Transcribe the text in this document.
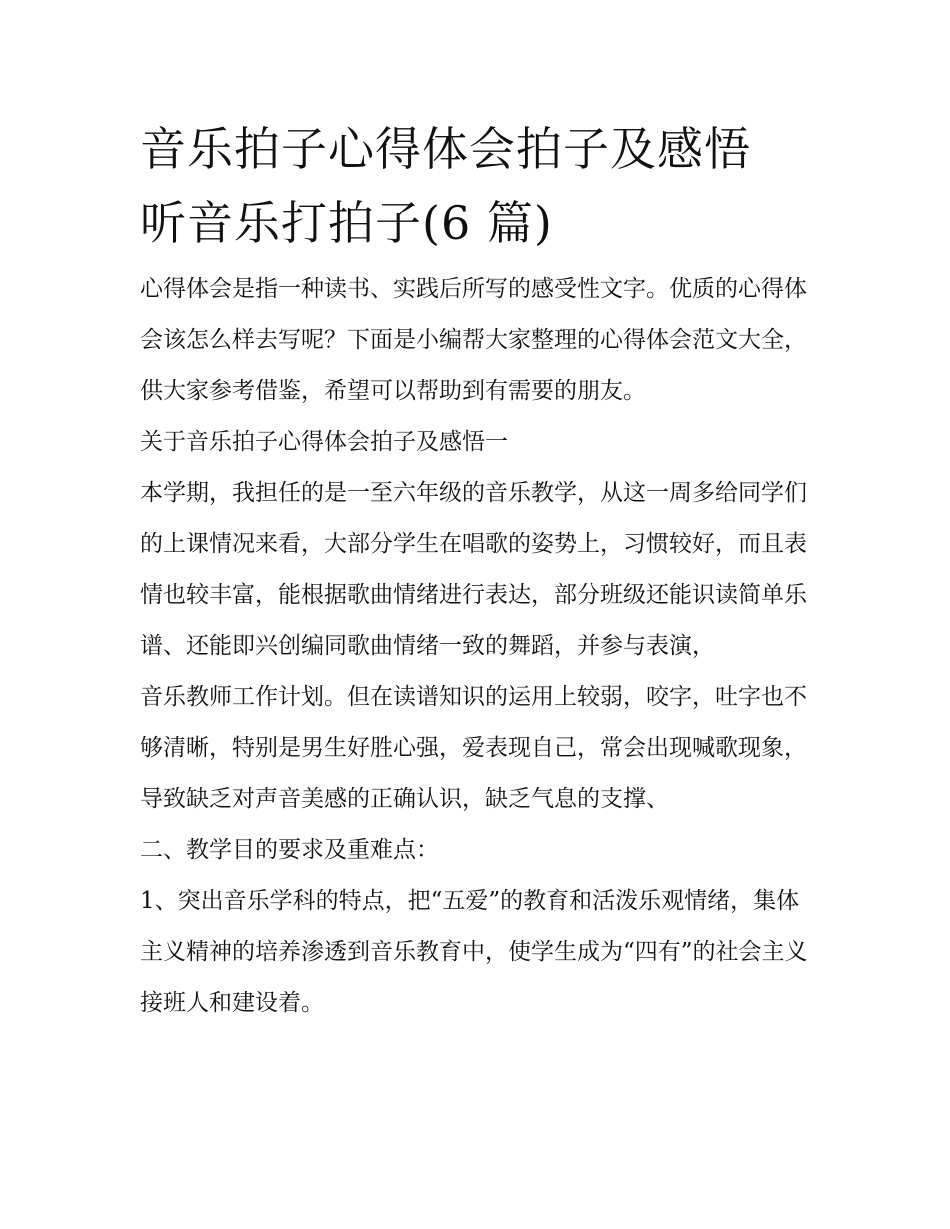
音乐拍子心得体会拍子及感悟
听音乐打拍子(6 篇)

心得体会是指一种读书、实践后所写的感受性文字。优质的心得体会该怎么样去写呢？下面是小编帮大家整理的心得体会范文大全，供大家参考借鉴，希望可以帮助到有需要的朋友。

关于音乐拍子心得体会拍子及感悟一

本学期，我担任的是一至六年级的音乐教学，从这一周多给同学们的上课情况来看，大部分学生在唱歌的姿势上，习惯较好，而且表情也较丰富，能根据歌曲情绪进行表达，部分班级还能识读简单乐谱、还能即兴创编同歌曲情绪一致的舞蹈，并参与表演，

音乐教师工作计划。但在读谱知识的运用上较弱，咬字，吐字也不够清晰，特别是男生好胜心强，爱表现自己，常会出现喊歌现象，导致缺乏对声音美感的正确认识，缺乏气息的支撑、

二、教学目的要求及重难点：

1、突出音乐学科的特点，把“五爱”的教育和活泼乐观情绪，集体主义精神的培养渗透到音乐教育中，使学生成为“四有”的社会主义接班人和建设着。
